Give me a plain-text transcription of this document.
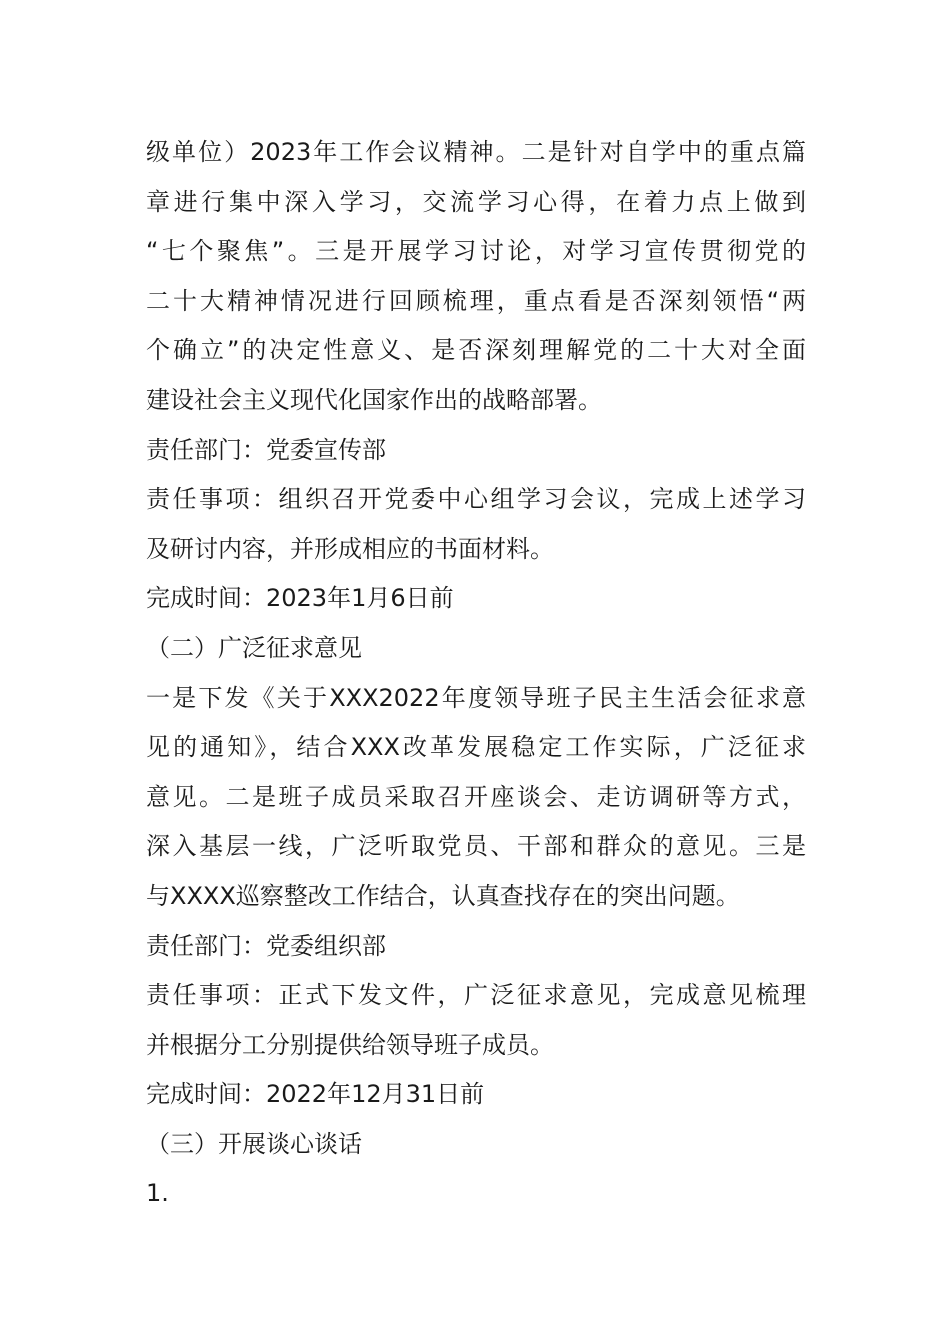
级单位）2023年工作会议精神。二是针对自学中的重点篇
章进行集中深入学习，交流学习心得，在着力点上做到
“七个聚焦”。三是开展学习讨论，对学习宣传贯彻党的
二十大精神情况进行回顾梳理，重点看是否深刻领悟“两
个确立”的决定性意义、是否深刻理解党的二十大对全面
建设社会主义现代化国家作出的战略部署。
责任部门：党委宣传部
责任事项：组织召开党委中心组学习会议，完成上述学习
及研讨内容，并形成相应的书面材料。
完成时间：2023年1月6日前
（二）广泛征求意见
一是下发《关于XXX2022年度领导班子民主生活会征求意
见的通知》，结合XXX改革发展稳定工作实际，广泛征求
意见。二是班子成员采取召开座谈会、走访调研等方式，
深入基层一线，广泛听取党员、干部和群众的意见。三是
与XXXX巡察整改工作结合，认真查找存在的突出问题。
责任部门：党委组织部
责任事项：正式下发文件，广泛征求意见，完成意见梳理
并根据分工分别提供给领导班子成员。
完成时间：2022年12月31日前
（三）开展谈心谈话
1.
